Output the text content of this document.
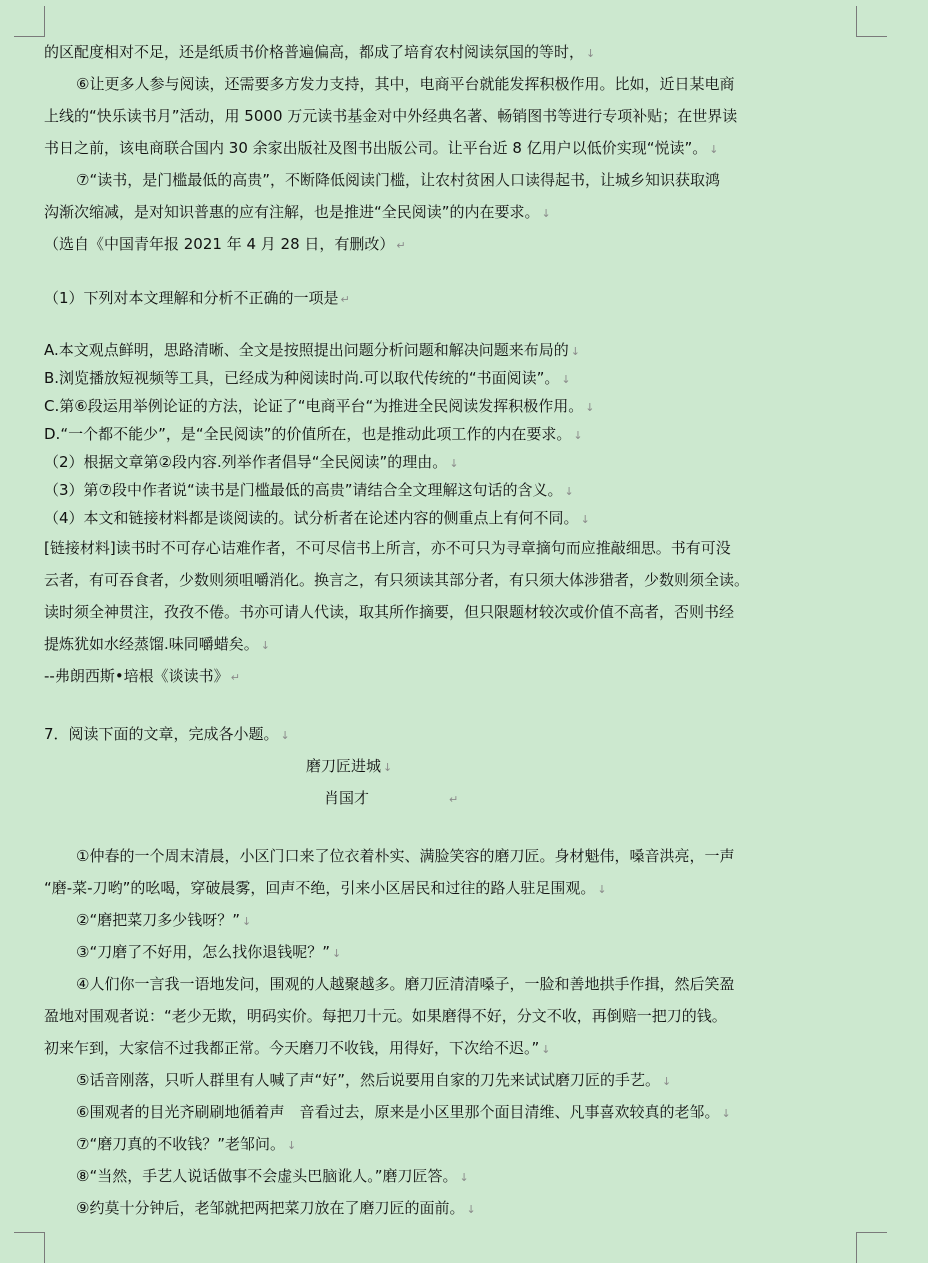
的区配度相对不足，还是纸质书价格普遍偏高，都成了培育农村阅读氛国的等时， ↓
⑥让更多人参与阅读，还需要多方发力支持，其中，电商平台就能发挥积极作用。比如，近日某电商
上线的“快乐读书月”活动，用 5000 万元读书基金对中外经典名著、畅销图书等进行专项补贴；在世界读
书日之前，该电商联合国内 30 余家出版社及图书出版公司。让平台近 8 亿用户以低价实现“悦读”。 ↓
⑦“读书，是门槛最低的高贵”，不断降低阅读门槛，让农村贫困人口读得起书，让城乡知识获取鸿
沟渐次缩减，是对知识普惠的应有注解，也是推进“全民阅读”的内在要求。 ↓
（选自《中国青年报 2021 年 4 月 28 日，有删改） ↵
（1）下列对本文理解和分析不正确的一项是 ↵
A.本文观点鲜明，思路清晰、全文是按照提出问题分析问题和解决问题来布局的 ↓
B.浏览播放短视频等工具，已经成为种阅读时尚.可以取代传统的“书面阅读”。 ↓
C.第⑥段运用举例论证的方法，论证了“电商平台“为推进全民阅读发挥积极作用。 ↓
D.“一个都不能少”，是“全民阅读”的价值所在，也是推动此项工作的内在要求。 ↓
（2）根据文章第②段内容.列举作者倡导“全民阅读”的理由。 ↓
（3）第⑦段中作者说“读书是门槛最低的高贵”请结合全文理解这句话的含义。 ↓
（4）本文和链接材料都是谈阅读的。试分析者在论述内容的侧重点上有何不同。 ↓
[链接材料]读书时不可存心诘难作者，不可尽信书上所言，亦不可只为寻章摘句而应推敲细思。书有可没
云者，有可吞食者，少数则须咀嚼消化。换言之，有只须读其部分者，有只须大体涉猎者，少数则须全读。
读时须全神贯注，孜孜不倦。书亦可请人代读，取其所作摘要，但只限题材较次或价值不高者，否则书经
提炼犹如水经蒸馏.味同嚼蜡矣。 ↓
--弗朗西斯•培根《谈读书》 ↵
7．阅读下面的文章，完成各小题。 ↓
磨刀匠进城 ↓
肖国才	↵
①仲春的一个周末清晨，小区门口来了位衣着朴实、满脸笑容的磨刀匠。身材魁伟，嗓音洪亮，一声
“磨-菜-刀哟”的吆喝，穿破晨雾，回声不绝，引来小区居民和过往的路人驻足围观。 ↓
②“磨把菜刀多少钱呀？” ↓
③“刀磨了不好用，怎么找你退钱呢？” ↓
④人们你一言我一语地发问，围观的人越聚越多。磨刀匠清清嗓子，一脸和善地拱手作揖，然后笑盈
盈地对围观者说：“老少无欺，明码实价。每把刀十元。如果磨得不好，分文不收，再倒赔一把刀的钱。
初来乍到，大家信不过我都正常。今天磨刀不收钱，用得好，下次给不迟。” ↓
⑤话音刚落，只听人群里有人喊了声“好”，然后说要用自家的刀先来试试磨刀匠的手艺。 ↓
⑥围观者的目光齐刷刷地循着声　音看过去，原来是小区里那个面目清维、凡事喜欢较真的老邹。 ↓
⑦“磨刀真的不收钱？”老邹问。 ↓
⑧“当然，手艺人说话做事不会虚头巴脑讹人。”磨刀匠答。 ↓
⑨约莫十分钟后，老邹就把两把菜刀放在了磨刀匠的面前。 ↓
